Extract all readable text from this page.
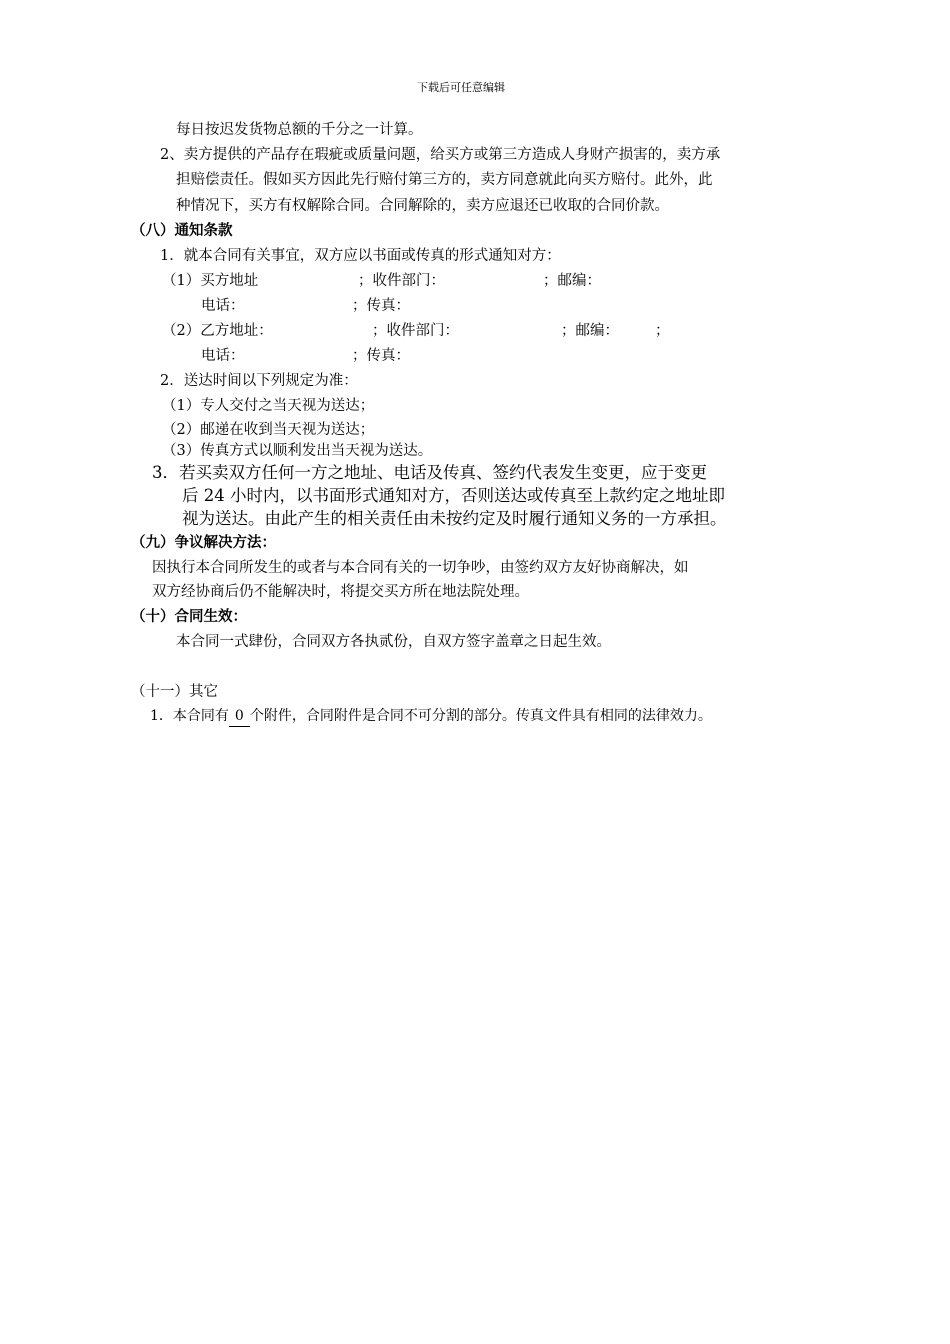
下载后可任意编辑
每日按迟发货物总额的千分之一计算。
2、卖方提供的产品存在瑕疵或质量问题，给买方或第三方造成人身财产损害的，卖方承
担赔偿责任。假如买方因此先行赔付第三方的，卖方同意就此向买方赔付。此外，此
种情况下，买方有权解除合同。合同解除的，卖方应退还已收取的合同价款。
（八）通知条款
1．就本合同有关事宜，双方应以书面或传真的形式通知对方：
（1）买方地址	；收件部门：	；邮编：
电话：	；传真：
（2）乙方地址：	；收件部门：	；邮编： ；
电话：	；传真：
2．送达时间以下列规定为准：
（1）专人交付之当天视为送达；
（2）邮递在收到当天视为送达；
（3）传真方式以顺利发出当天视为送达。
3．若买卖双方任何一方之地址、电话及传真、签约代表发生变更，应于变更
后 24 小时内，以书面形式通知对方，否则送达或传真至上款约定之地址即
视为送达。由此产生的相关责任由未按约定及时履行通知义务的一方承担。
（九）争议解决方法：
因执行本合同所发生的或者与本合同有关的一切争吵，由签约双方友好协商解决，如
双方经协商后仍不能解决时，将提交买方所在地法院处理。
（十）合同生效：
本合同一式肆份，合同双方各执贰份，自双方签字盖章之日起生效。
（十一）其它
1．本合同有 0 个附件，合同附件是合同不可分割的部分。传真文件具有相同的法律效力。
